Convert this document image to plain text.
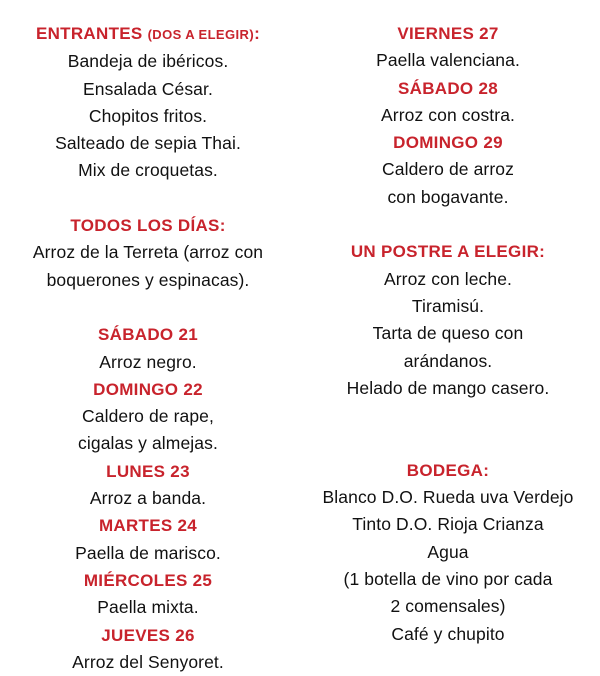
ENTRANTES (DOS A ELEGIR):
Bandeja de ibéricos.
Ensalada César.
Chopitos fritos.
Salteado de sepia Thai.
Mix de croquetas.
TODOS LOS DÍAS:
Arroz de la Terreta (arroz con
boquerones y espinacas).
SÁBADO 21
Arroz negro.
DOMINGO 22
Caldero de rape,
cigalas y almejas.
LUNES 23
Arroz a banda.
MARTES 24
Paella de marisco.
MIÉRCOLES 25
Paella mixta.
JUEVES 26
Arroz del Senyoret.
VIERNES 27
Paella valenciana.
SÁBADO 28
Arroz con costra.
DOMINGO 29
Caldero de arroz
con bogavante.
UN POSTRE A ELEGIR:
Arroz con leche.
Tiramisú.
Tarta de queso con
arándanos.
Helado de mango casero.
BODEGA:
Blanco D.O. Rueda uva Verdejo
Tinto D.O. Rioja Crianza
Agua
(1 botella de vino por cada
2 comensales)
Café y chupito
